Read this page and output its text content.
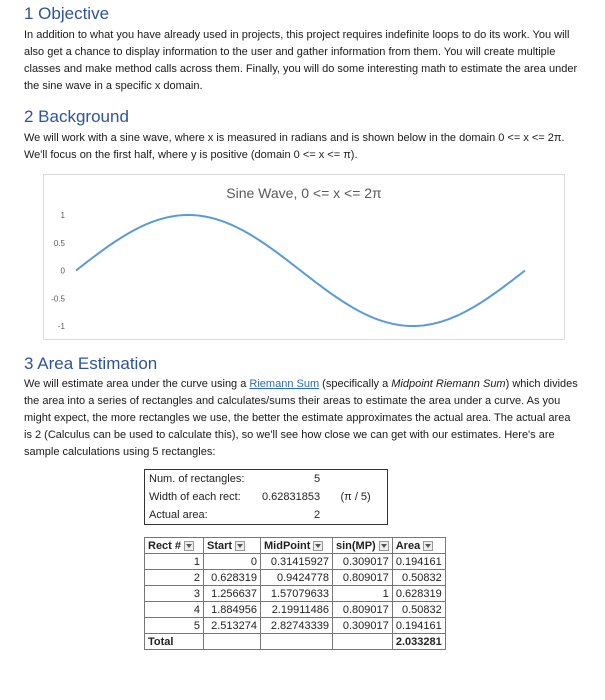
1 Objective

In addition to what you have already used in projects, this project requires indefinite loops to do its work. You will also get a chance to display information to the user and gather information from them. You will create multiple classes and make method calls across them. Finally, you will do some interesting math to estimate the area under the sine wave in a specific x domain.

2 Background

We will work with a sine wave, where x is measured in radians and is shown below in the domain 0 <= x <= 2π. We'll focus on the first half, where y is positive (domain 0 <= x <= π).

Sine Wave, 0 <= x <= 2π
1
0.5
0
-0.5
-1
3 Area Estimation

We will estimate area under the curve using a Riemann Sum (specifically a Midpoint Riemann Sum) which divides the area into a series of rectangles and calculates/sums their areas to estimate the area under a curve. As you might expect, the more rectangles we use, the better the estimate approximates the actual area. The actual area is 2 (Calculus can be used to calculate this), so we'll see how close we can get with our estimates. Here's are sample calculations using 5 rectangles:

Num. of rectangles:	5	
Width of each rect:	0.62831853	(π / 5)
Actual area:	2	
Rect #	Start	MidPoint	sin(MP)	Area
1	0	0.31415927	0.309017	0.194161
2	0.628319	0.9424778	0.809017	0.50832
3	1.256637	1.57079633	1	0.628319
4	1.884956	2.19911486	0.809017	0.50832
5	2.513274	2.82743339	0.309017	0.194161
Total				2.033281
